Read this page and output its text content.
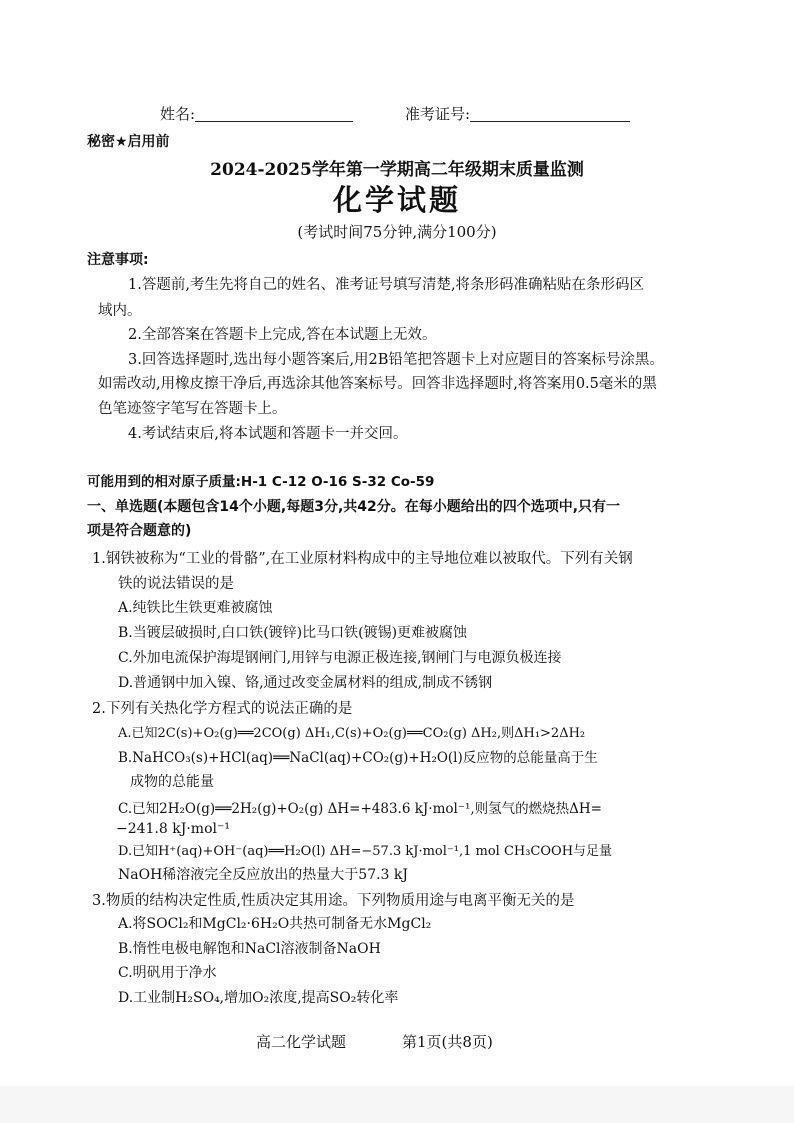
姓名:	准考证号:
秘密★启用前
2024-2025学年第一学期高二年级期末质量监测
化学试题
(考试时间75分钟,满分100分)
注意事项:
1.答题前,考生先将自己的姓名、准考证号填写清楚,将条形码准确粘贴在条形码区
域内。
2.全部答案在答题卡上完成,答在本试题上无效。
3.回答选择题时,选出每小题答案后,用2B铅笔把答题卡上对应题目的答案标号涂黑。
如需改动,用橡皮擦干净后,再选涂其他答案标号。回答非选择题时,将答案用0.5毫米的黑
色笔迹签字笔写在答题卡上。
4.考试结束后,将本试题和答题卡一并交回。
可能用到的相对原子质量:H-1 C-12 O-16 S-32 Co-59
一、单选题(本题包含14个小题,每题3分,共42分。在每小题给出的四个选项中,只有一
项是符合题意的)
1.钢铁被称为“工业的骨骼”,在工业原材料构成中的主导地位难以被取代。下列有关钢
铁的说法错误的是
A.纯铁比生铁更难被腐蚀
B.当镀层破损时,白口铁(镀锌)比马口铁(镀锡)更难被腐蚀
C.外加电流保护海堤钢闸门,用锌与电源正极连接,钢闸门与电源负极连接
D.普通钢中加入镍、铬,通过改变金属材料的组成,制成不锈钢
2.下列有关热化学方程式的说法正确的是
A.已知2C(s)+O₂(g)══2CO(g) ΔH₁,C(s)+O₂(g)══CO₂(g) ΔH₂,则ΔH₁>2ΔH₂
B.NaHCO₃(s)+HCl(aq)══NaCl(aq)+CO₂(g)+H₂O(l)反应物的总能量高于生
成物的总能量
C.已知2H₂O(g)══2H₂(g)+O₂(g) ΔH=+483.6 kJ·mol⁻¹,则氢气的燃烧热ΔH=
−241.8 kJ·mol⁻¹
D.已知H⁺(aq)+OH⁻(aq)══H₂O(l) ΔH=−57.3 kJ·mol⁻¹,1 mol CH₃COOH与足量
NaOH稀溶液完全反应放出的热量大于57.3 kJ
3.物质的结构决定性质,性质决定其用途。下列物质用途与电离平衡无关的是
A.将SOCl₂和MgCl₂·6H₂O共热可制备无水MgCl₂
B.惰性电极电解饱和NaCl溶液制备NaOH
C.明矾用于净水
D.工业制H₂SO₄,增加O₂浓度,提高SO₂转化率
高二化学试题	第1页(共8页)
